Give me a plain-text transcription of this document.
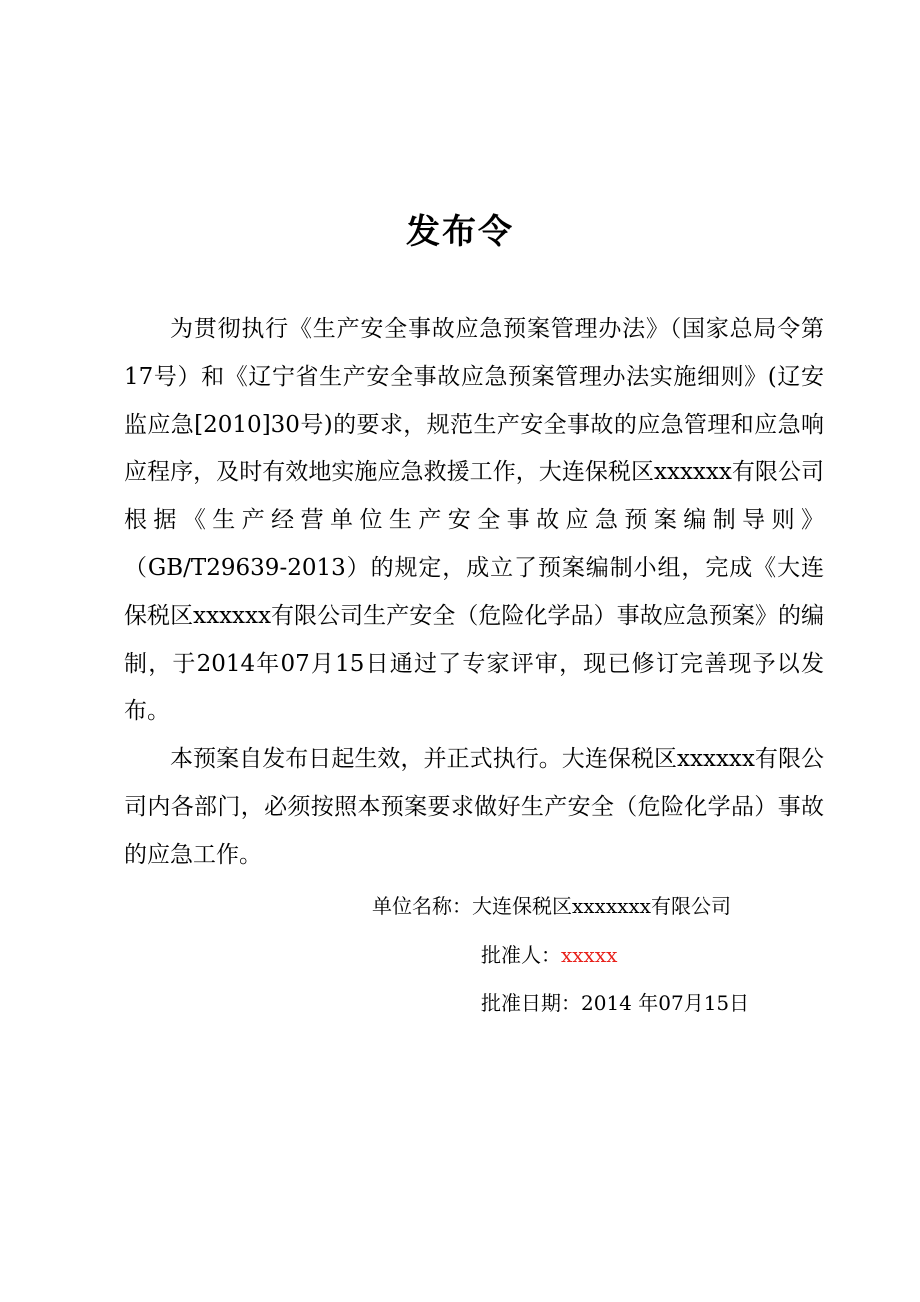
发布令

为贯彻执行《生产安全事故应急预案管理办法》（国家总局令第17号）和《辽宁省生产安全事故应急预案管理办法实施细则》(辽安监应急[2010]30号)的要求，规范生产安全事故的应急管理和应急响应程序，及时有效地实施应急救援工作，大连保税区xxxxxx有限公司根据《生产经营单位生产安全事故应急预案编制导则》（GB/T29639-2013）的规定，成立了预案编制小组，完成《大连保税区xxxxxx有限公司生产安全（危险化学品）事故应急预案》的编制，于2014年07月15日通过了专家评审，现已修订完善现予以发布。

本预案自发布日起生效，并正式执行。大连保税区xxxxxx有限公司内各部门，必须按照本预案要求做好生产安全（危险化学品）事故的应急工作。

单位名称：大连保税区xxxxxxx有限公司
批准人：xxxxx
批准日期：2014 年07月15日
